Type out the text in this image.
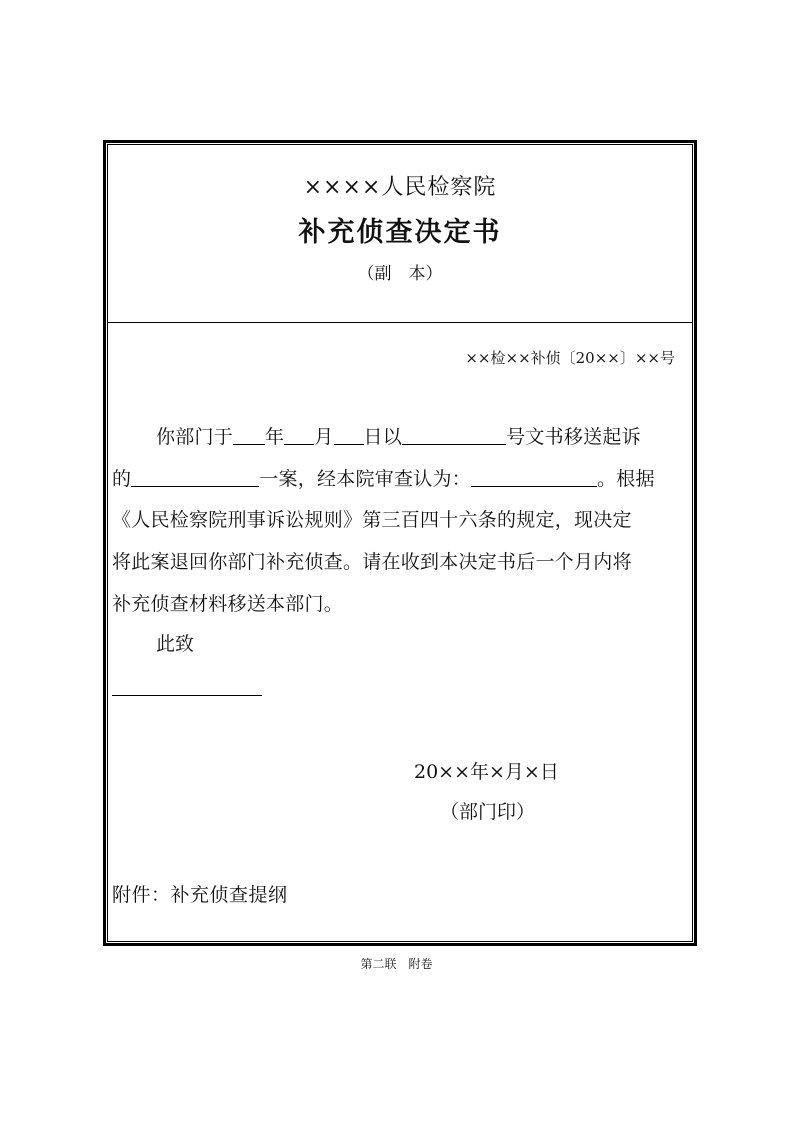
××××人民检察院
补充侦查决定书
（副　本）
××检××补侦〔20××〕××号
你部门于 年 月 日以	号文书移送起诉
的	一案，经本院审查认为：	。根据
《人民检察院刑事诉讼规则》第三百四十六条的规定，现决定
将此案退回你部门补充侦查。请在收到本决定书后一个月内将
补充侦查材料移送本部门。
此致
20××年×月×日
（部门印）
附件：补充侦查提纲
第二联　附卷
